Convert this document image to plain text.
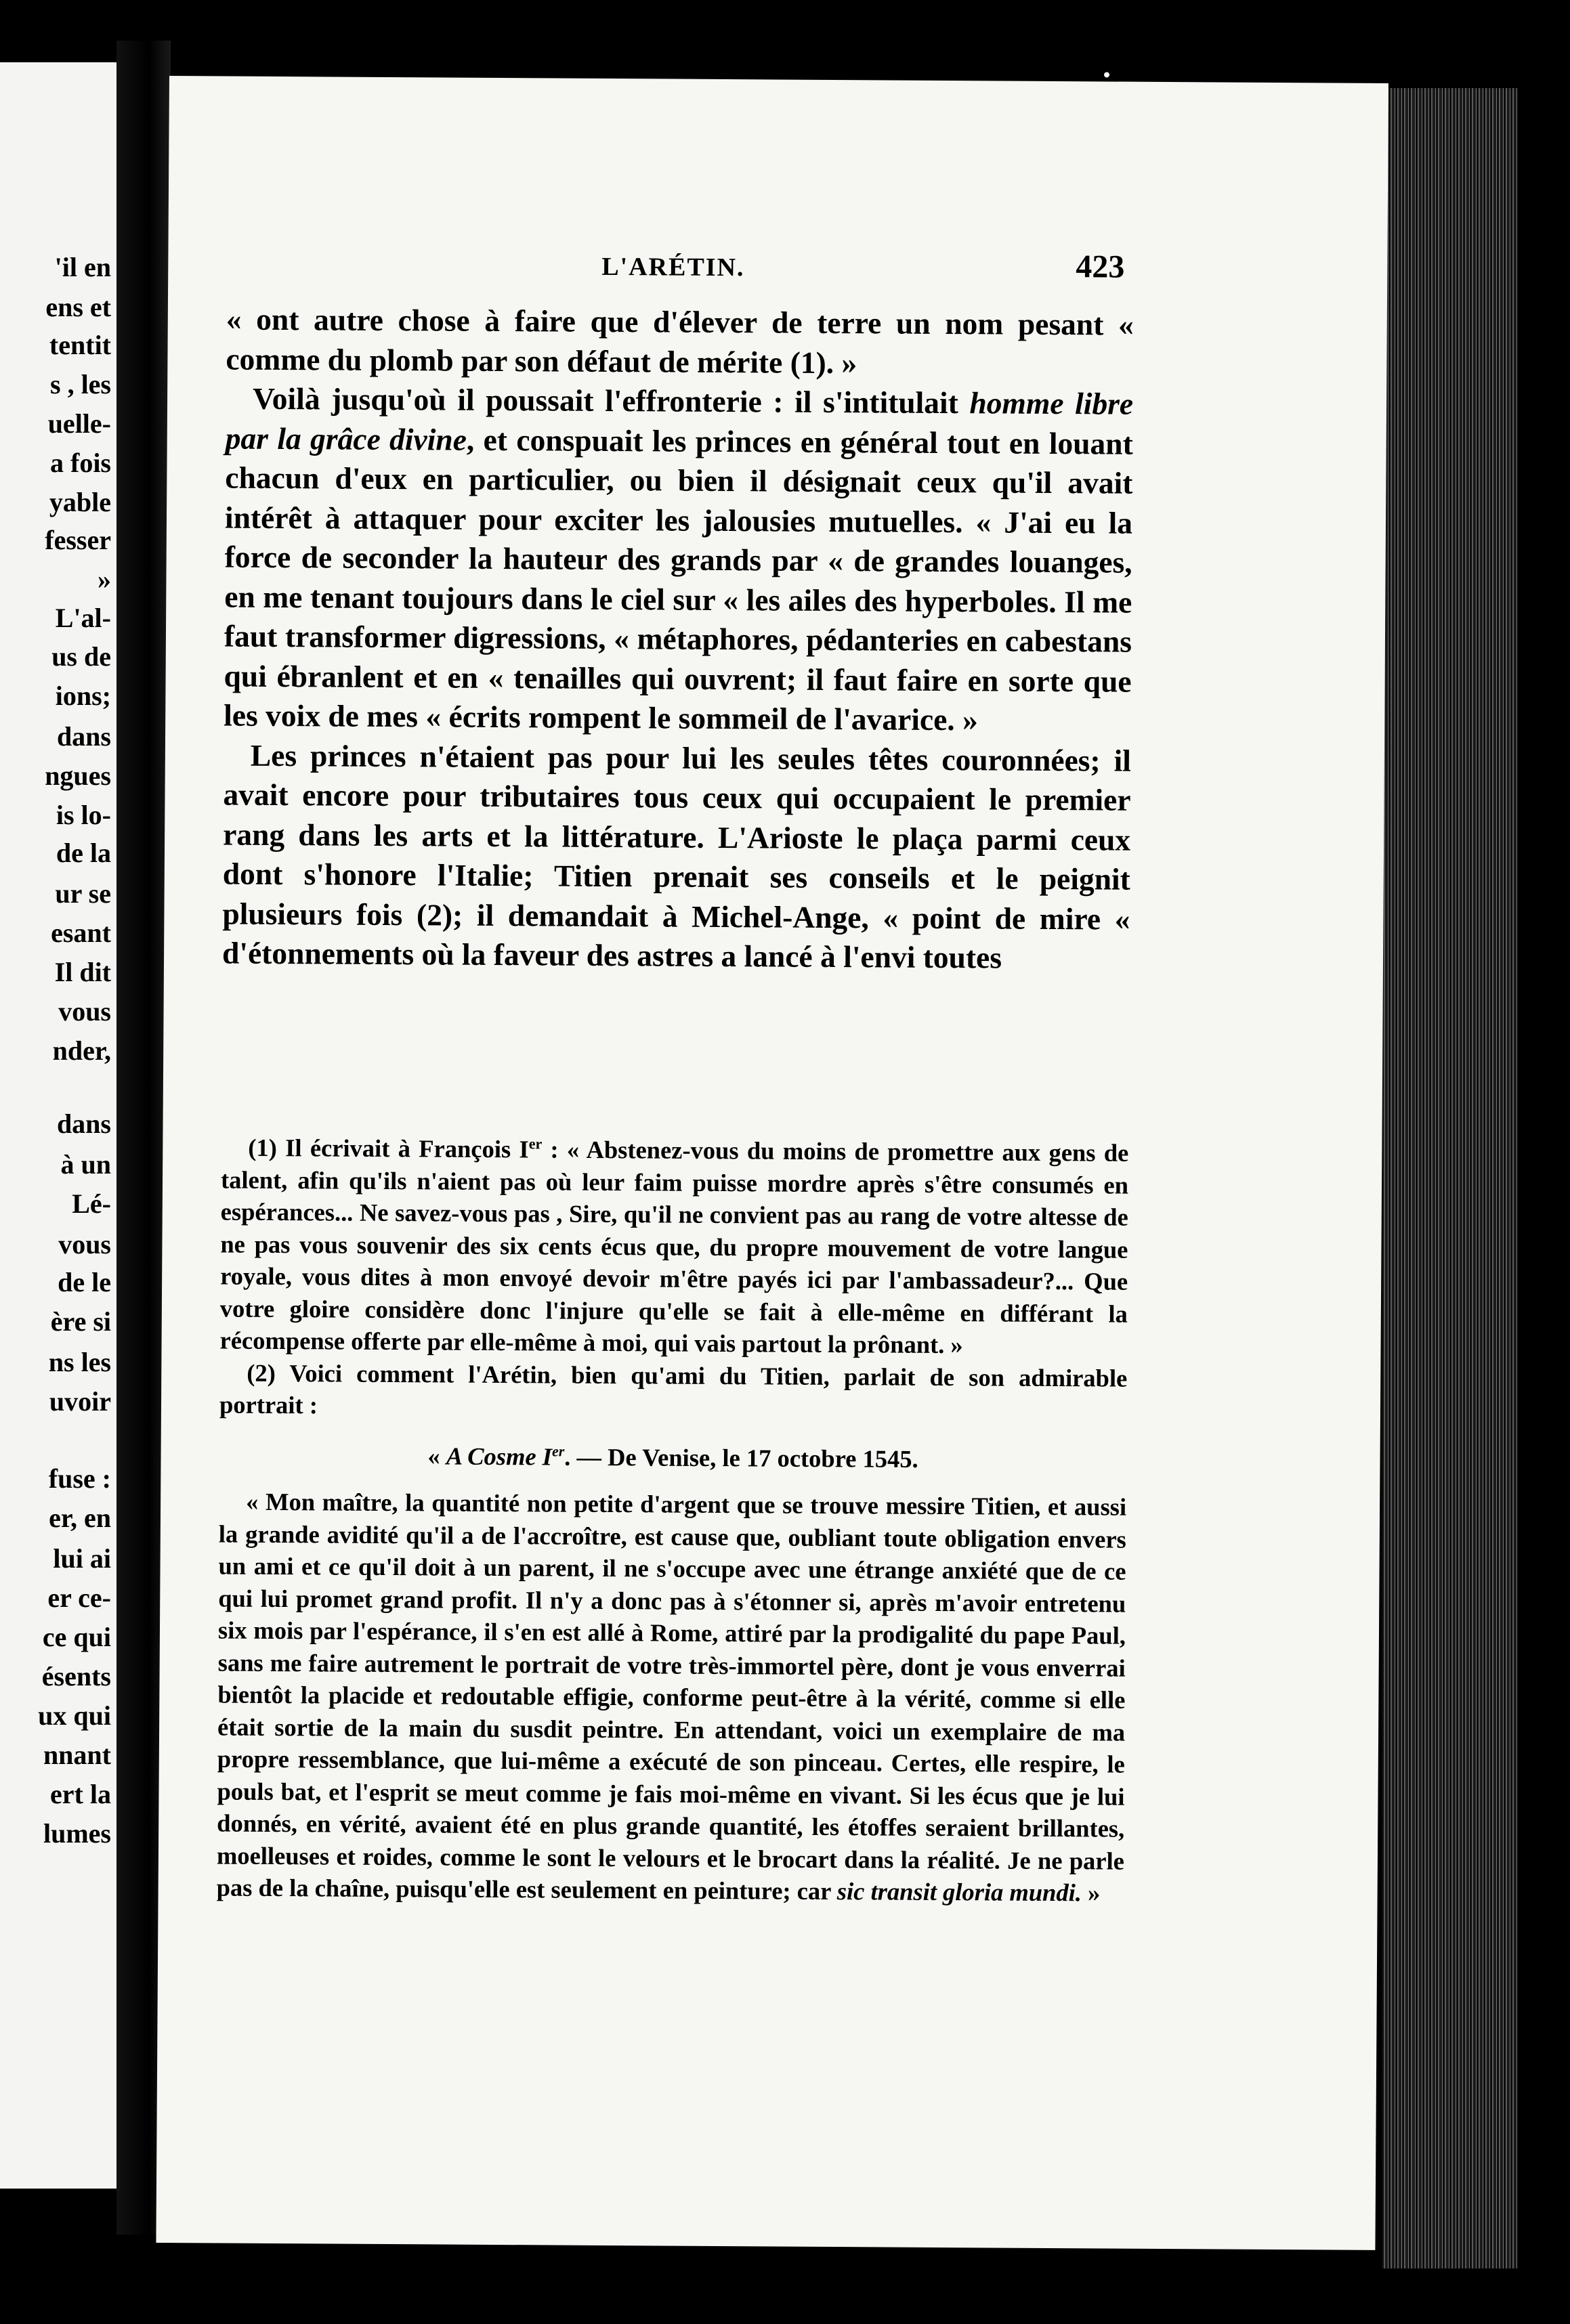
'il en
ens et
tentit
s , les
uelle-
a fois
yable
fesser
»
L'al-
us de
ions;
dans
ngues
is lo-
de la
ur se
esant
Il dit
vous
nder,
dans
à un
Lé-
vous
de le
ère si
ns les
uvoir
fuse :
er, en
lui ai
er ce-
ce qui
ésents
ux qui
nnant
ert la
lumes
L'ARÉTIN.	423

« ont autre chose à faire que d'élever de terre un nom pesant « comme du plomb par son défaut de mérite (1). »

Voilà jusqu'où il poussait l'effronterie : il s'intitulait homme libre par la grâce divine, et conspuait les princes en général tout en louant chacun d'eux en particulier, ou bien il désignait ceux qu'il avait intérêt à attaquer pour exciter les jalousies mutuelles. « J'ai eu la force de seconder la hauteur des grands par « de grandes louanges, en me tenant toujours dans le ciel sur « les ailes des hyperboles. Il me faut transformer digressions, « métaphores, pédanteries en cabestans qui ébranlent et en « tenailles qui ouvrent; il faut faire en sorte que les voix de mes « écrits rompent le sommeil de l'avarice. »

Les princes n'étaient pas pour lui les seules têtes couronnées; il avait encore pour tributaires tous ceux qui occupaient le premier rang dans les arts et la littérature. L'Arioste le plaça parmi ceux dont s'honore l'Italie; Titien prenait ses conseils et le peignit plusieurs fois (2); il demandait à Michel-Ange, « point de mire « d'étonnements où la faveur des astres a lancé à l'envi toutes

(1) Il écrivait à François Ier : « Abstenez-vous du moins de promettre aux gens de talent, afin qu'ils n'aient pas où leur faim puisse mordre après s'être consumés en espérances... Ne savez-vous pas , Sire, qu'il ne convient pas au rang de votre altesse de ne pas vous souvenir des six cents écus que, du propre mouvement de votre langue royale, vous dites à mon envoyé devoir m'être payés ici par l'ambassadeur?... Que votre gloire considère donc l'injure qu'elle se fait à elle-même en différant la récompense offerte par elle-même à moi, qui vais partout la prônant. »

(2) Voici comment l'Arétin, bien qu'ami du Titien, parlait de son admirable portrait :

« A Cosme Ier. — De Venise, le 17 octobre 1545.

« Mon maître, la quantité non petite d'argent que se trouve messire Titien, et aussi la grande avidité qu'il a de l'accroître, est cause que, oubliant toute obligation envers un ami et ce qu'il doit à un parent, il ne s'occupe avec une étrange anxiété que de ce qui lui promet grand profit. Il n'y a donc pas à s'étonner si, après m'avoir entretenu six mois par l'espérance, il s'en est allé à Rome, attiré par la prodigalité du pape Paul, sans me faire autrement le portrait de votre très-immortel père, dont je vous enverrai bientôt la placide et redoutable effigie, conforme peut-être à la vérité, comme si elle était sortie de la main du susdit peintre. En attendant, voici un exemplaire de ma propre ressemblance, que lui-même a exécuté de son pinceau. Certes, elle respire, le pouls bat, et l'esprit se meut comme je fais moi-même en vivant. Si les écus que je lui donnés, en vérité, avaient été en plus grande quantité, les étoffes seraient brillantes, moelleuses et roides, comme le sont le velours et le brocart dans la réalité. Je ne parle pas de la chaîne, puisqu'elle est seulement en peinture; car sic transit gloria mundi. »
